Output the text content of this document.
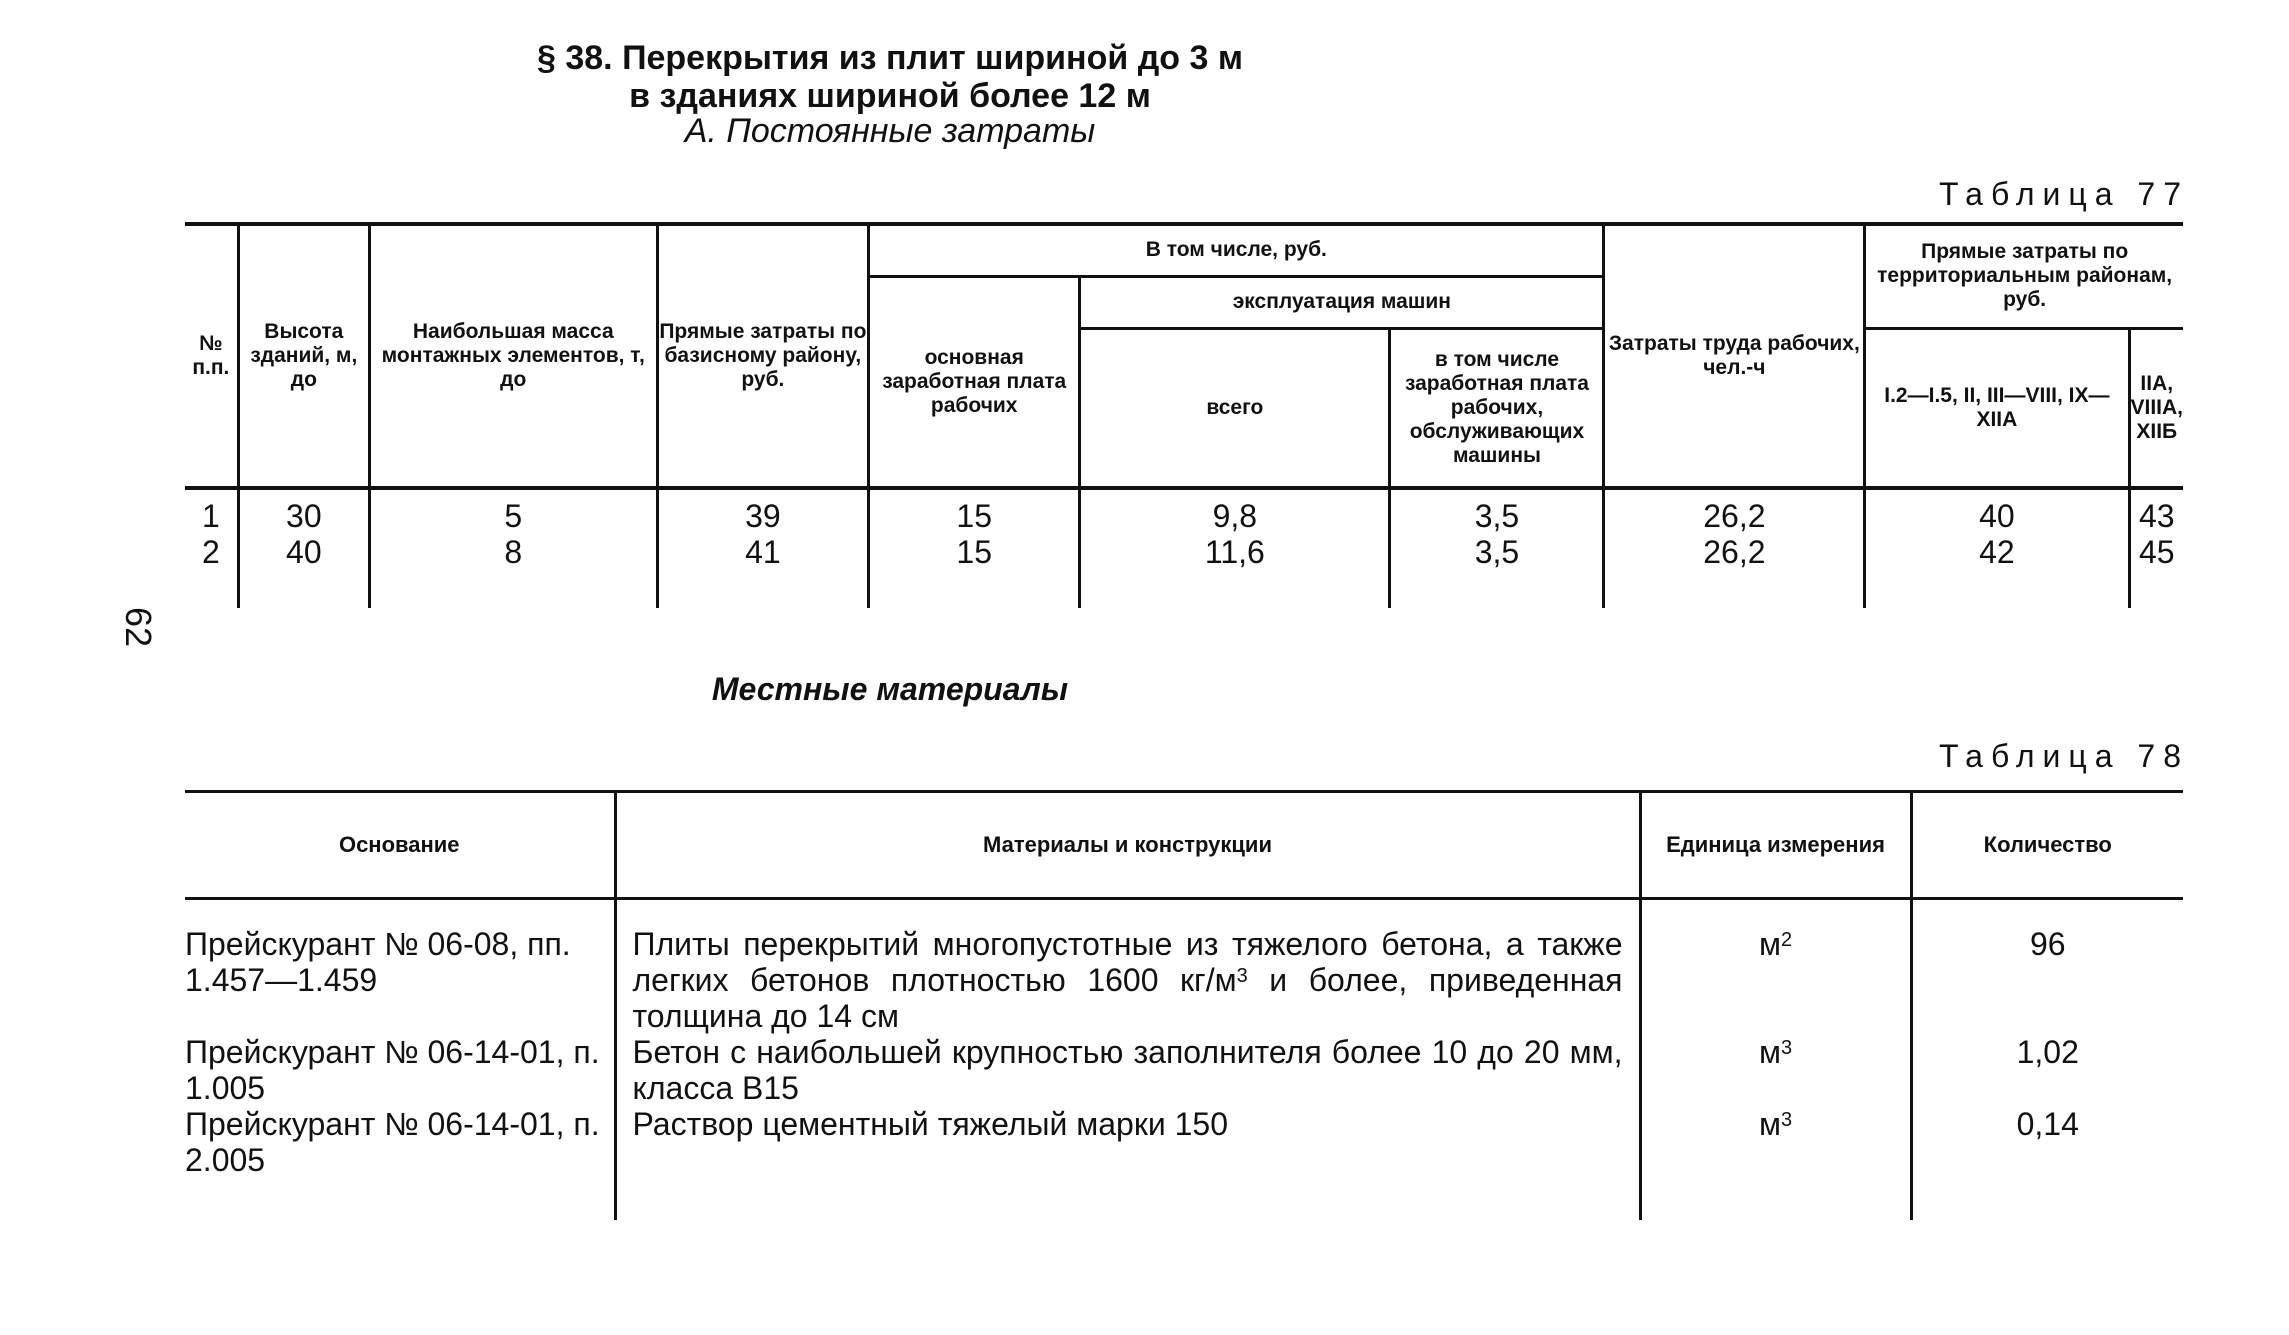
§ 38. Перекрытия из плит шириной до 3 м
в зданиях шириной более 12 м
А. Постоянные затраты
Таблица 77
№ п.п.	Высота зданий, м, до	Наибольшая масса монтажных элементов, т, до	Прямые затраты по базисному району, руб.	В том числе, руб.			Затраты труда рабочих, чел.-ч	Прямые затраты по территориальным районам, руб.	
				основная заработная плата рабочих	эксплуатация машин				
					всего	в том числе заработная плата рабочих, обслуживающих машины		I.2—I.5, II, III—VIII, IX—XIIA	IIA, VIIIA, XIIБ
1	30	5	39	15	9,8	3,5	26,2	40	43
2	40	8	41	15	11,6	3,5	26,2	42	45
62
Местные материалы
Таблица 78
Основание	Материалы и конструкции	Единица измерения	Количество
Прейскурант № 06-08, пп. 1.457—1.459	Плиты перекрытий многопустотные из тяжелого бетона, а также легких бетонов плотностью 1600 $кг/м^3$ и более, приведенная толщина до 14 см	$м^2$	96
Прейскурант № 06-14-01, п. 1.005	Бетон с наибольшей крупностью заполнителя более 10 до 20 мм, класса B15	$м^3$	1,02
Прейскурант № 06-14-01, п. 2.005	Раствор цементный тяжелый марки 150	$м^3$	0,14
